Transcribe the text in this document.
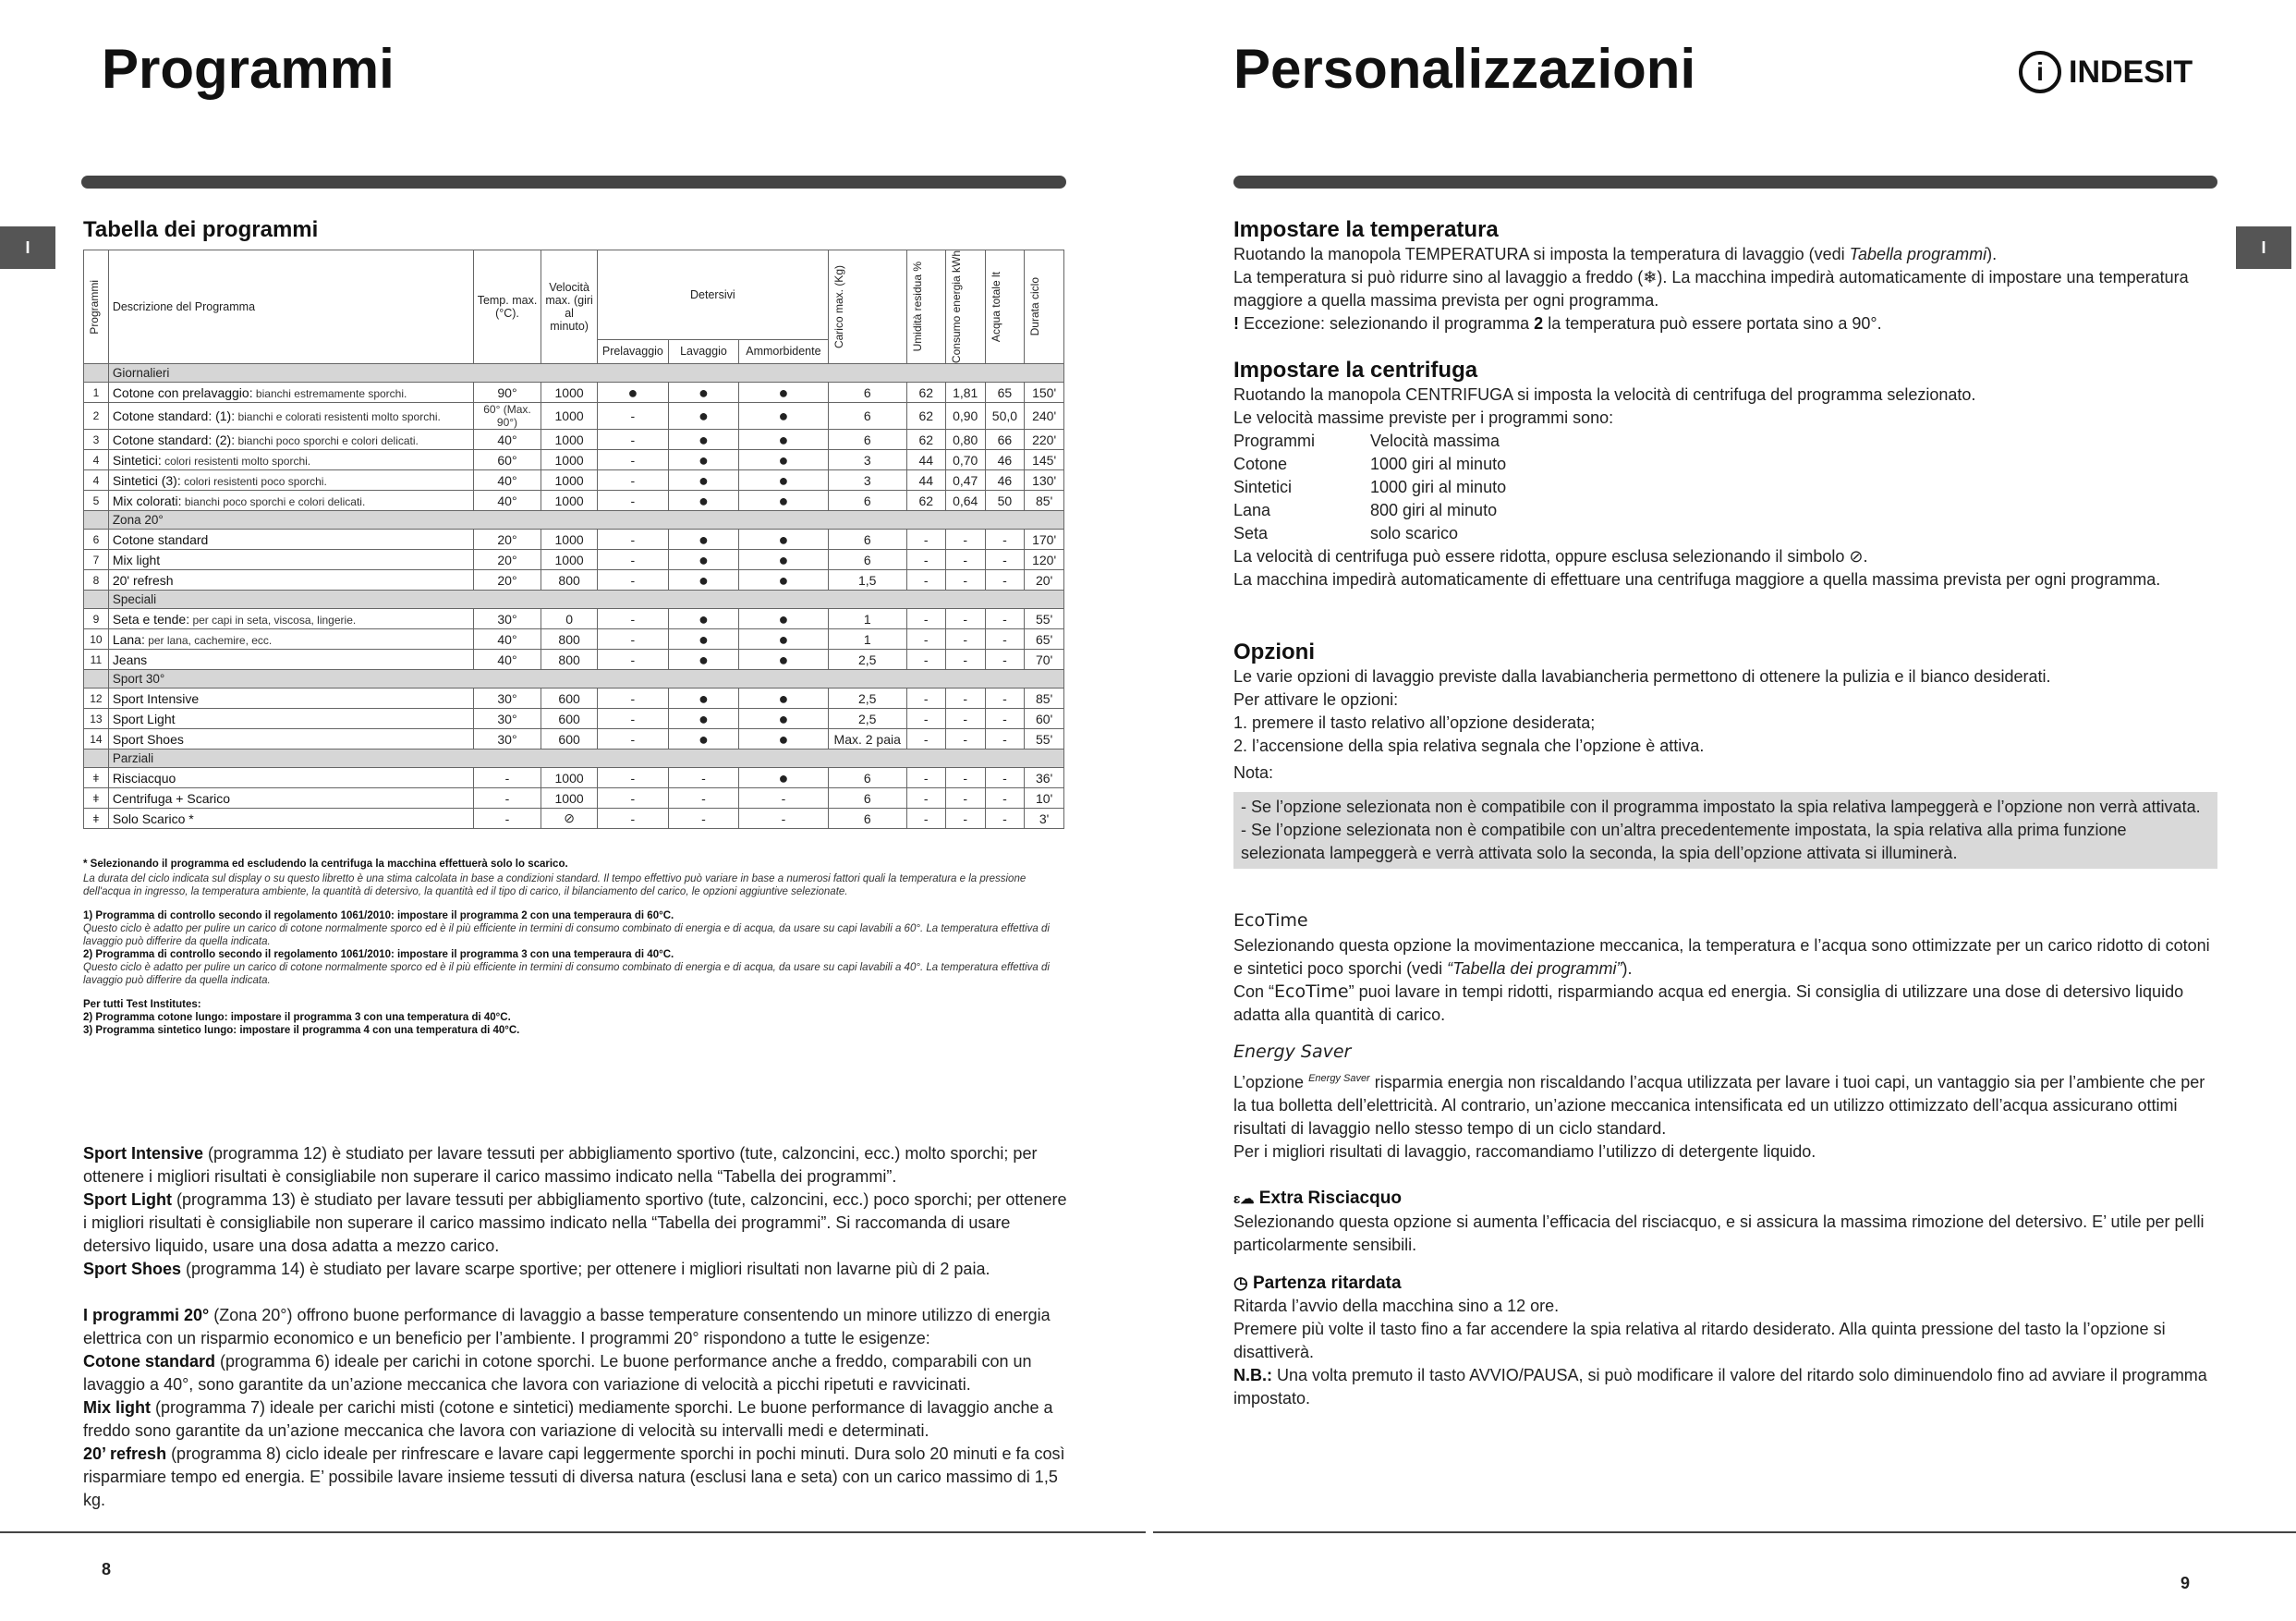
Programmi
I
Tabella dei programmi
Programmi	Descrizione del Programma	Temp. max. (°C).	Velocità max. (giri al minuto)	Detersivi			Carico max. (Kg)	Umidità residua %	Consumo energia kWh	Acqua totale lt	Durata ciclo

				Prelavaggio	Lavaggio	Ammorbidente					
	Giornalieri										
1	Cotone con prelavaggio: bianchi estremamente sporchi.	90°	1000	●	●	●	6	62	1,81	65	150'
2	Cotone standard: (1): bianchi e colorati resistenti molto sporchi.	60° (Max. 90°)	1000	-	●	●	6	62	0,90	50,0	240'
3	Cotone standard: (2): bianchi poco sporchi e colori delicati.	40°	1000	-	●	●	6	62	0,80	66	220'
4	Sintetici: colori resistenti molto sporchi.	60°	1000	-	●	●	3	44	0,70	46	145'
4	Sintetici (3): colori resistenti poco sporchi.	40°	1000	-	●	●	3	44	0,47	46	130'
5	Mix colorati: bianchi poco sporchi e colori delicati.	40°	1000	-	●	●	6	62	0,64	50	85'
	Zona 20°										
6	Cotone standard	20°	1000	-	●	●	6	-	-	-	170'
7	Mix light	20°	1000	-	●	●	6	-	-	-	120'
8	20' refresh	20°	800	-	●	●	1,5	-	-	-	20'
	Speciali										
9	Seta e tende: per capi in seta, viscosa, lingerie.	30°	0	-	●	●	1	-	-	-	55'
10	Lana: per lana, cachemire, ecc.	40°	800	-	●	●	1	-	-	-	65'
11	Jeans	40°	800	-	●	●	2,5	-	-	-	70'
	Sport 30°										
12	Sport Intensive	30°	600	-	●	●	2,5	-	-	-	85'
13	Sport Light	30°	600	-	●	●	2,5	-	-	-	60'
14	Sport Shoes	30°	600	-	●	●	Max. 2 paia	-	-	-	55'
	Parziali										
ǂ	Risciacquo	-	1000	-	-	●	6	-	-	-	36'
ǂ	Centrifuga + Scarico	-	1000	-	-	-	6	-	-	-	10'
ǂ	Solo Scarico *	-	⊘	-	-	-	6	-	-	-	3'

* Selezionando il programma ed escludendo la centrifuga la macchina effettuerà solo lo scarico.

La durata del ciclo indicata sul display o su questo libretto è una stima calcolata in base a condizioni standard. Il tempo effettivo può variare in base a numerosi fattori quali la temperatura e la pressione dell'acqua in ingresso, la temperatura ambiente, la quantità di detersivo, la quantità ed il tipo di carico, il bilanciamento del carico, le opzioni aggiuntive selezionate.

1) Programma di controllo secondo il regolamento 1061/2010: impostare il programma 2 con una temperaura di 60°C.

Questo ciclo è adatto per pulire un carico di cotone normalmente sporco ed è il più efficiente in termini di consumo combinato di energia e di acqua, da usare su capi lavabili a 60°. La temperatura effettiva di lavaggio può differire da quella indicata.

2) Programma di controllo secondo il regolamento 1061/2010: impostare il programma 3 con una temperaura di 40°C.

Questo ciclo è adatto per pulire un carico di cotone normalmente sporco ed è il più efficiente in termini di consumo combinato di energia e di acqua, da usare su capi lavabili a 40°. La temperatura effettiva di lavaggio può differire da quella indicata.

Per tutti Test Institutes:

2) Programma cotone lungo: impostare il programma 3 con una temperatura di 40°C.

3) Programma sintetico lungo: impostare il programma 4 con una temperatura di 40°C.

Sport Intensive (programma 12) è studiato per lavare tessuti per abbigliamento sportivo (tute, calzoncini, ecc.) molto sporchi; per ottenere i migliori risultati è consigliabile non superare il carico massimo indicato nella “Tabella dei programmi”.

Sport Light (programma 13) è studiato per lavare tessuti per abbigliamento sportivo (tute, calzoncini, ecc.) poco sporchi; per ottenere i migliori risultati è consigliabile non superare il carico massimo indicato nella “Tabella dei programmi”. Si raccomanda di usare detersivo liquido, usare una dosa adatta a mezzo carico.

Sport Shoes (programma 14) è studiato per lavare scarpe sportive; per ottenere i migliori risultati non lavarne più di 2 paia.

I programmi 20° (Zona 20°) offrono buone performance di lavaggio a basse temperature consentendo un minore utilizzo di energia elettrica con un risparmio economico e un beneficio per l’ambiente. I programmi 20° rispondono a tutte le esigenze:

Cotone standard (programma 6) ideale per carichi in cotone sporchi. Le buone performance anche a freddo, comparabili con un lavaggio a 40°, sono garantite da un’azione meccanica che lavora con variazione di velocità a picchi ripetuti e ravvicinati.

Mix light (programma 7) ideale per carichi misti (cotone e sintetici) mediamente sporchi. Le buone performance di lavaggio anche a freddo sono garantite da un’azione meccanica che lavora con variazione di velocità su intervalli medi e determinati.

20’ refresh (programma 8) ciclo ideale per rinfrescare e lavare capi leggermente sporchi in pochi minuti. Dura solo 20 minuti e fa così risparmiare tempo ed energia. E’ possibile lavare insieme tessuti di diversa natura (esclusi lana e seta) con un carico massimo di 1,5 kg.

8
Personalizzazioni	i INDESIT
I
Impostare la temperatura

Ruotando la manopola TEMPERATURA si imposta la temperatura di lavaggio (vedi Tabella programmi).

La temperatura si può ridurre sino al lavaggio a freddo (❄). La macchina impedirà automaticamente di impostare una temperatura maggiore a quella massima prevista per ogni programma.

! Eccezione: selezionando il programma 2 la temperatura può essere portata sino a 90°.

Impostare la centrifuga

Ruotando la manopola CENTRIFUGA si imposta la velocità di centrifuga del programma selezionato.

Le velocità massime previste per i programmi sono:

Programmi	Velocità massima
Cotone	1000 giri al minuto
Sintetici	1000 giri al minuto
Lana	800 giri al minuto
Seta	solo scarico

La velocità di centrifuga può essere ridotta, oppure esclusa selezionando il simbolo ⊘.

La macchina impedirà automaticamente di effettuare una centrifuga maggiore a quella massima prevista per ogni programma.

Opzioni

Le varie opzioni di lavaggio previste dalla lavabiancheria permettono di ottenere la pulizia e il bianco desiderati.

Per attivare le opzioni:

1. premere il tasto relativo all’opzione desiderata;

2. l’accensione della spia relativa segnala che l’opzione è attiva.

Nota:

- Se l’opzione selezionata non è compatibile con il programma impostato la spia relativa lampeggerà e l’opzione non verrà attivata.

- Se l’opzione selezionata non è compatibile con un’altra precedentemente impostata, la spia relativa alla prima funzione selezionata lampeggerà e verrà attivata solo la seconda, la spia dell’opzione attivata si illuminerà.

EcoTime

Selezionando questa opzione la movimentazione meccanica, la temperatura e l’acqua sono ottimizzate per un carico ridotto di cotoni e sintetici poco sporchi (vedi “Tabella dei programmi”).

Con “EcoTime” puoi lavare in tempi ridotti, risparmiando acqua ed energia. Si consiglia di utilizzare una dose di detersivo liquido adatta alla quantità di carico.

Energy Saver

L’opzione $^{Energy Saver}$ risparmia energia non riscaldando l’acqua utilizzata per lavare i tuoi capi, un vantaggio sia per l’ambiente che per la tua bolletta dell’elettricità. Al contrario, un’azione meccanica intensificata ed un utilizzo ottimizzato dell’acqua assicurano ottimi risultati di lavaggio nello stesso tempo di un ciclo standard.

Per i migliori risultati di lavaggio, raccomandiamo l’utilizzo di detergente liquido.

ɛ☁ Extra Risciacquo

Selezionando questa opzione si aumenta l’efficacia del risciacquo, e si assicura la massima rimozione del detersivo. E’ utile per pelli particolarmente sensibili.

◷ Partenza ritardata

Ritarda l’avvio della macchina sino a 12 ore.

Premere più volte il tasto fino a far accendere la spia relativa al ritardo desiderato. Alla quinta pressione del tasto la l’opzione si disattiverà.

N.B.: Una volta premuto il tasto AVVIO/PAUSA, si può modificare il valore del ritardo solo diminuendolo fino ad avviare il programma impostato.

9
